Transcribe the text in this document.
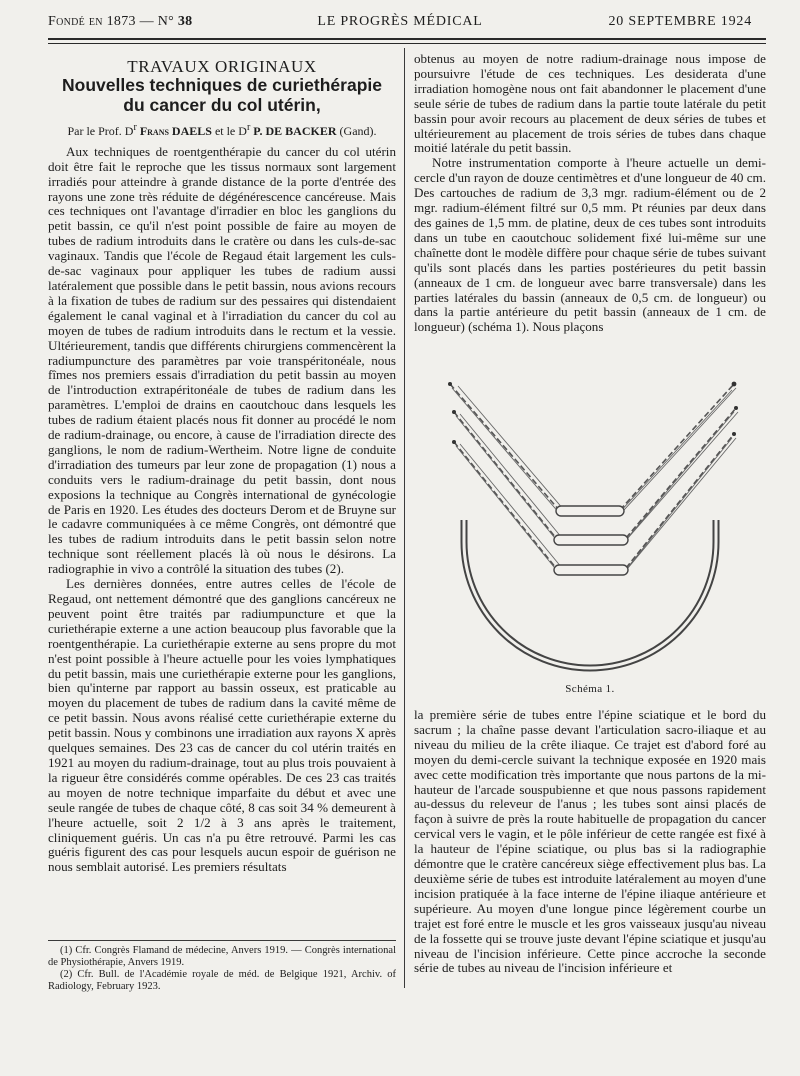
Fondé en 1873 — N° 38	LE PROGRÈS MÉDICAL	20 SEPTEMBRE 1924

TRAVAUX ORIGINAUX

Nouvelles techniques de curiethérapie
du cancer du col utérin,
Par le Prof. $D^r$ Frans DAELS et le $D^r$ P. DE BACKER (Gand).

Aux techniques de roentgenthérapie du cancer du col utérin doit être fait le reproche que les tissus normaux sont largement irradiés pour atteindre à grande distance de la porte d'entrée des rayons une zone très réduite de dégénérescence cancéreuse. Mais ces techniques ont l'avantage d'irradier en bloc les ganglions du petit bassin, ce qu'il n'est point possible de faire au moyen de tubes de radium introduits dans le cratère ou dans les culs-de-sac vaginaux. Tandis que l'école de Regaud était largement les culs-de-sac vaginaux pour appliquer les tubes de radium aussi latéralement que possible dans le petit bassin, nous avions recours à la fixation de tubes de radium sur des pessaires qui distendaient également le canal vaginal et à l'irradiation du cancer du col au moyen de tubes de radium introduits dans le rectum et la vessie. Ultérieurement, tandis que différents chirurgiens commencèrent la radiumpuncture des paramètres par voie transpéritonéale, nous fîmes nos premiers essais d'irradiation du petit bassin au moyen de l'introduction extrapéritonéale de tubes de radium dans les paramètres. L'emploi de drains en caoutchouc dans lesquels les tubes de radium étaient placés nous fit donner au procédé le nom de radium-drainage, ou encore, à cause de l'irradiation directe des ganglions, le nom de radium-Wertheim. Notre ligne de conduite d'irradiation des tumeurs par leur zone de propagation (1) nous a conduits vers le radium-drainage du petit bassin, dont nous exposions la technique au Congrès international de gynécologie de Paris en 1920. Les études des docteurs Derom et de Bruyne sur le cadavre communiquées à ce même Congrès, ont démontré que les tubes de radium introduits dans le petit bassin selon notre technique sont réellement placés là où nous le désirons. La radiographie in vivo a contrôlé la situation des tubes (2).

Les dernières données, entre autres celles de l'école de Regaud, ont nettement démontré que des ganglions cancéreux ne peuvent point être traités par radiumpuncture et que la curiethérapie externe a une action beaucoup plus favorable que la roentgenthérapie. La curiethérapie externe au sens propre du mot n'est point possible à l'heure actuelle pour les voies lymphatiques du petit bassin, mais une curiethérapie externe pour les ganglions, bien qu'interne par rapport au bassin osseux, est praticable au moyen du placement de tubes de radium dans la cavité même de ce petit bassin. Nous avons réalisé cette curiethérapie externe du petit bassin. Nous y combinons une irradiation aux rayons X après quelques semaines. Des 23 cas de cancer du col utérin traités en 1921 au moyen du radium-drainage, tout au plus trois pouvaient à la rigueur être considérés comme opérables. De ces 23 cas traités au moyen de notre technique imparfaite du début et avec une seule rangée de tubes de chaque côté, 8 cas soit 34 % demeurent à l'heure actuelle, soit 2 1/2 à 3 ans après le traitement, cliniquement guéris. Un cas n'a pu être retrouvé. Parmi les cas guéris figurent des cas pour lesquels aucun espoir de guérison ne nous semblait autorisé. Les premiers résultats

(1) Cfr. Congrès Flamand de médecine, Anvers 1919. — Congrès international de Physiothérapie, Anvers 1919.

(2) Cfr. Bull. de l'Académie royale de méd. de Belgique 1921, Archiv. of Radiology, February 1923.

obtenus au moyen de notre radium-drainage nous impose de poursuivre l'étude de ces techniques. Les desiderata d'une irradiation homogène nous ont fait abandonner le placement d'une seule série de tubes de radium dans la partie toute latérale du petit bassin pour avoir recours au placement de deux séries de tubes et ultérieurement au placement de trois séries de tubes dans chaque moitié latérale du petit bassin.

Notre instrumentation comporte à l'heure actuelle un demi-cercle d'un rayon de douze centimètres et d'une longueur de 40 cm. Des cartouches de radium de 3,3 mgr. radium-élément ou de 2 mgr. radium-élément filtré sur 0,5 mm. Pt réunies par deux dans des gaines de 1,5 mm. de platine, deux de ces tubes sont introduits dans un tube en caoutchouc solidement fixé lui-même sur une chaînette dont le modèle diffère pour chaque série de tubes suivant qu'ils sont placés dans les parties postérieures du petit bassin (anneaux de 1 cm. de longueur avec barre transversale) dans les parties latérales du bassin (anneaux de 0,5 cm. de longueur) ou dans la partie antérieure du petit bassin (anneaux de 1 cm. de longueur) (schéma 1). Nous plaçons

Schéma 1.

la première série de tubes entre l'épine sciatique et le bord du sacrum ; la chaîne passe devant l'articulation sacro-iliaque et au niveau du milieu de la crête iliaque. Ce trajet est d'abord foré au moyen du demi-cercle suivant la technique exposée en 1920 mais avec cette modification très importante que nous partons de la mi-hauteur de l'arcade souspubienne et que nous passons rapidement au-dessus du releveur de l'anus ; les tubes sont ainsi placés de façon à suivre de près la route habituelle de propagation du cancer cervical vers le vagin, et le pôle inférieur de cette rangée est fixé à la hauteur de l'épine sciatique, ou plus bas si la radiographie démontre que le cratère cancéreux siège effectivement plus bas. La deuxième série de tubes est introduite latéralement au moyen d'une incision pratiquée à la face interne de l'épine iliaque antérieure et supérieure. Au moyen d'une longue pince légèrement courbe un trajet est foré entre le muscle et les gros vaisseaux jusqu'au niveau de la fossette qui se trouve juste devant l'épine sciatique et jusqu'au niveau de l'incision inférieure. Cette pince accroche la seconde série de tubes au niveau de l'incision inférieure et
